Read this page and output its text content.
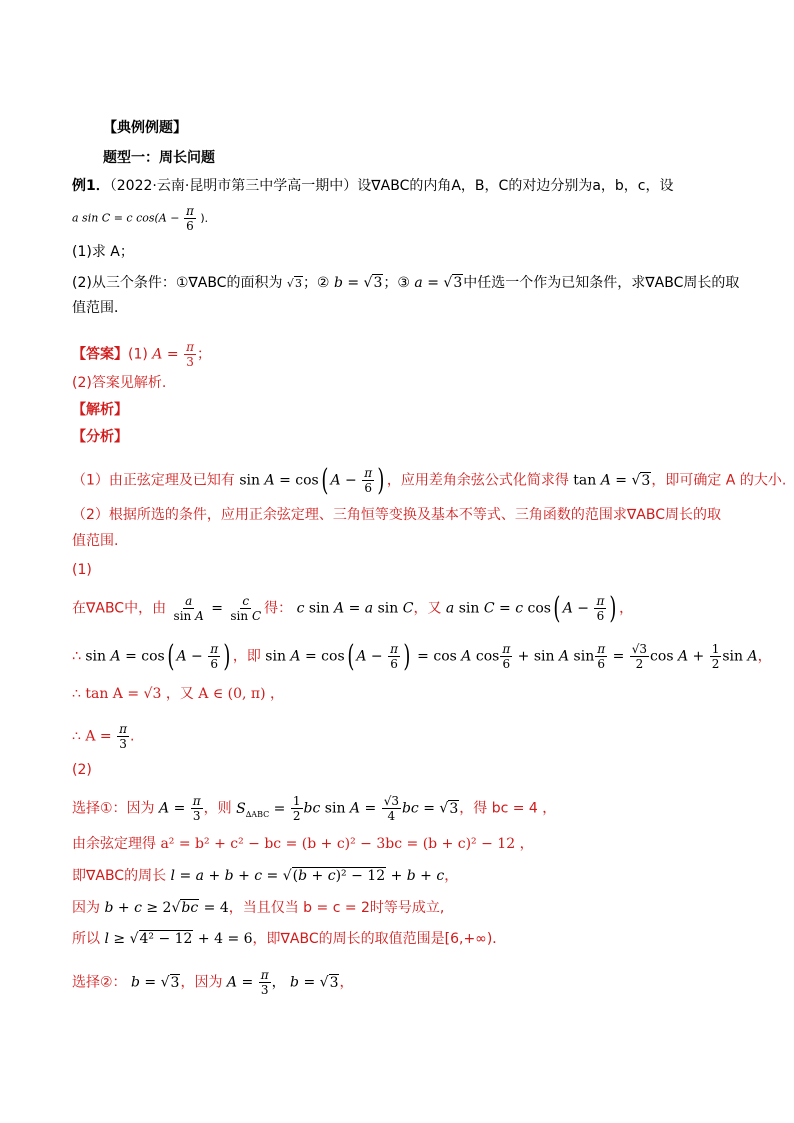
【典例例题】
题型一：周长问题
例1．（2022·云南·昆明市第三中学高一期中）设∇ABC的内角A，B，C的对边分别为a，b，c，设
a sin C = c $\cos(A - \frac{\pi}{6}$ )．
(1)求 A；
(2)从三个条件：①∇ABC的面积为 √3；② b = √3；③ a = √3中任选一个作为已知条件，求∇ABC周长的取
值范围．
【答案】(1) $A = \frac{\pi}{3}$ ；
(2)答案见解析.
【解析】
【分析】
（1）由正弦定理及已知有 sin A = cos( $A - \frac{\pi}{6}$ ) ，应用差角余弦公式化简求得 tan A = √3，即可确定 A 的大小.
（2）根据所选的条件，应用正余弦定理、三角恒等变换及基本不等式、三角函数的范围求∇ABC周长的取
值范围.
(1)
在∇ABC中，由 $\frac{a}{\text{sin A}} = \frac{c}{\text{sin C}}$ 得： c sin A = a sin C，又 a sin C = c cos( $A - \frac{\pi}{6}$ ) ，
∴ sin A = cos( $A - \frac{\pi}{6}$ ) ，即 sin A = cos( $A - \frac{\pi}{6}$ ) = cos A $\cos \frac{\pi}{6} + \sin A$ $\sin \frac{\pi}{6} = \frac{√3}{2}$ $\cos A + \frac{1}{2}$ sin A，
∴ tan A = √3 ，又 A ∈ (0, π) ，
∴ $A = \frac{\pi}{3}$ .
(2)
选择①：因为 $A = \frac{\pi}{3}$ ，则 $S_{\Delta ABC} = \frac{1}{2}$ bc $\sin A = \frac{√3}{4}$ bc = √3，得 bc = 4 ，
由余弦定理得 a² = b² + c² − bc = (b + c)² − 3bc = (b + c)² − 12 ，
即∇ABC的周长 l = a + b + c = √(b + c)² − 12 + b + c，
因为 b + c ≥ 2√bc = 4，当且仅当 b = c = 2时等号成立,
所以 l ≥ √4² − 12 + 4 = 6，即∇ABC的周长的取值范围是[6,+∞)．
选择②： b = √3，因为 $A = \frac{\pi}{3}$ ， b = √3，
